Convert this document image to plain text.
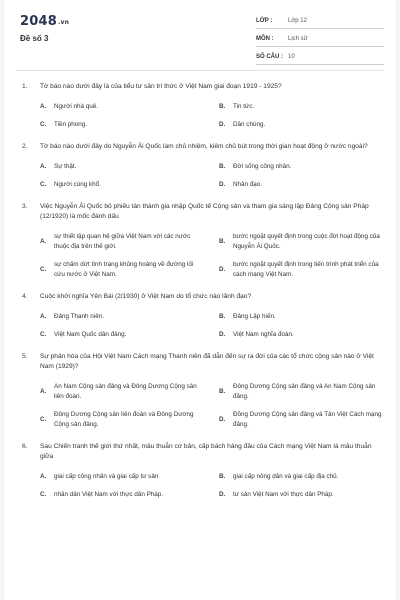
2048.vn
Đề số 3
LỚP :	Lớp 12
MÔN :	Lịch sử
SỐ CÂU : 10
1.	Tờ báo nào dưới đây là của tiểu tư sản trí thức ở Việt Nam giai đoạn 1919 - 1925?
A.	Người nhà quê.	B.	Tin tức.
C.	Tiền phong.	D.	Dân chúng.
2.	Tờ báo nào dưới đây do Nguyễn Ái Quốc làm chủ nhiệm, kiêm chủ bút trong thời gian hoạt động ở nước ngoài?
A.	Sự thật.	B.	Đời sống công nhân.
C.	Người cùng khổ.	D.	Nhân đạo.
3.	Việc Nguyễn Ái Quốc bỏ phiếu tán thành gia nhập Quốc tế Cộng sản và tham gia sáng lập Đảng Cộng sản Pháp (12/1920) là mốc đánh dấu
A.
sự thiết lập quan hệ giữa Việt Nam với các nước thuộc địa trên thế giới.
B.
bước ngoặt quyết định trong cuộc đời hoạt động của Nguyễn Ái Quốc.
C.
sự chấm dứt tình trạng khủng hoảng về đường lối cứu nước ở Việt Nam.
D.
bước ngoặt quyết định trong tiến trình phát triển của cách mạng Việt Nam.
4.	Cuộc khởi nghĩa Yên Bái (2/1930) ở Việt Nam do tổ chức nào lãnh đạo?
A.	Đảng Thanh niên.	B.	Đảng Lập hiến.
C.	Việt Nam Quốc dân đảng.	D.	Việt Nam nghĩa đoàn.
5.	Sự phân hóa của Hội Việt Nam Cách mạng Thanh niên đã dẫn đến sự ra đời của các tổ chức cộng sản nào ở Việt Nam (1929)?
A.
An Nam Cộng sản đảng và Đông Dương Cộng sản liên đoàn.
B.
Đông Dương Cộng sản đảng và An Nam Cộng sản đảng.
C.
Đông Dương Cộng sản liên đoàn và Đông Dương Cộng sản đảng.
D.
Đông Dương Cộng sản đảng và Tân Việt Cách mạng đảng.
6.	Sau Chiến tranh thế giới thứ nhất, mâu thuẫn cơ bản, cấp bách hàng đầu của Cách mạng Việt Nam là mâu thuẫn giữa
A.	giai cấp công nhân và giai cấp tư sản	B.	giai cấp nông dân và giai cấp địa chủ.
C.	nhân dân Việt Nam với thực dân Pháp.	D.	tư sản Việt Nam với thực dân Pháp.
